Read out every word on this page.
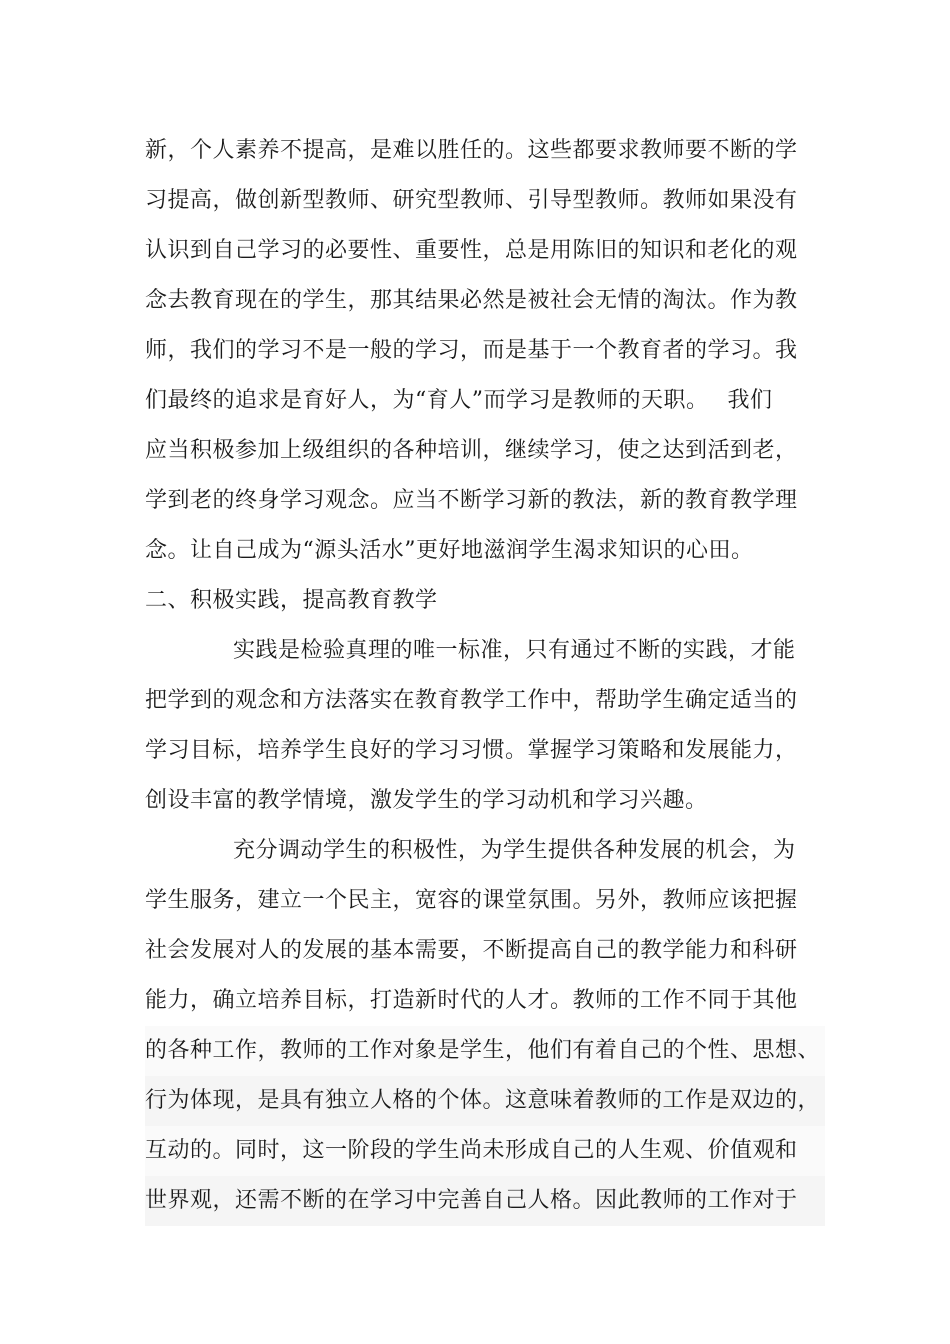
新，个人素养不提高，是难以胜任的。这些都要求教师要不断的学
习提高，做创新型教师、研究型教师、引导型教师。教师如果没有
认识到自己学习的必要性、重要性，总是用陈旧的知识和老化的观
念去教育现在的学生，那其结果必然是被社会无情的淘汰。作为教
师，我们的学习不是一般的学习，而是基于一个教育者的学习。我
们最终的追求是育好人，为“育人”而学习是教师的天职。　 我们
应当积极参加上级组织的各种培训，继续学习，使之达到活到老，
学到老的终身学习观念。应当不断学习新的教法，新的教育教学理
念。让自己成为“源头活水”更好地滋润学生渴求知识的心田。
二、积极实践，提高教育教学
实践是检验真理的唯一标准，只有通过不断的实践，才能
把学到的观念和方法落实在教育教学工作中，帮助学生确定适当的
学习目标，培养学生良好的学习习惯。掌握学习策略和发展能力，
创设丰富的教学情境，激发学生的学习动机和学习兴趣。
充分调动学生的积极性，为学生提供各种发展的机会，为
学生服务，建立一个民主，宽容的课堂氛围。另外，教师应该把握
社会发展对人的发展的基本需要，不断提高自己的教学能力和科研
能力，确立培养目标，打造新时代的人才。教师的工作不同于其他
的各种工作，教师的工作对象是学生，他们有着自己的个性、思想、
行为体现，是具有独立人格的个体。这意味着教师的工作是双边的，
互动的。同时，这一阶段的学生尚未形成自己的人生观、价值观和
世界观，还需不断的在学习中完善自己人格。因此教师的工作对于
